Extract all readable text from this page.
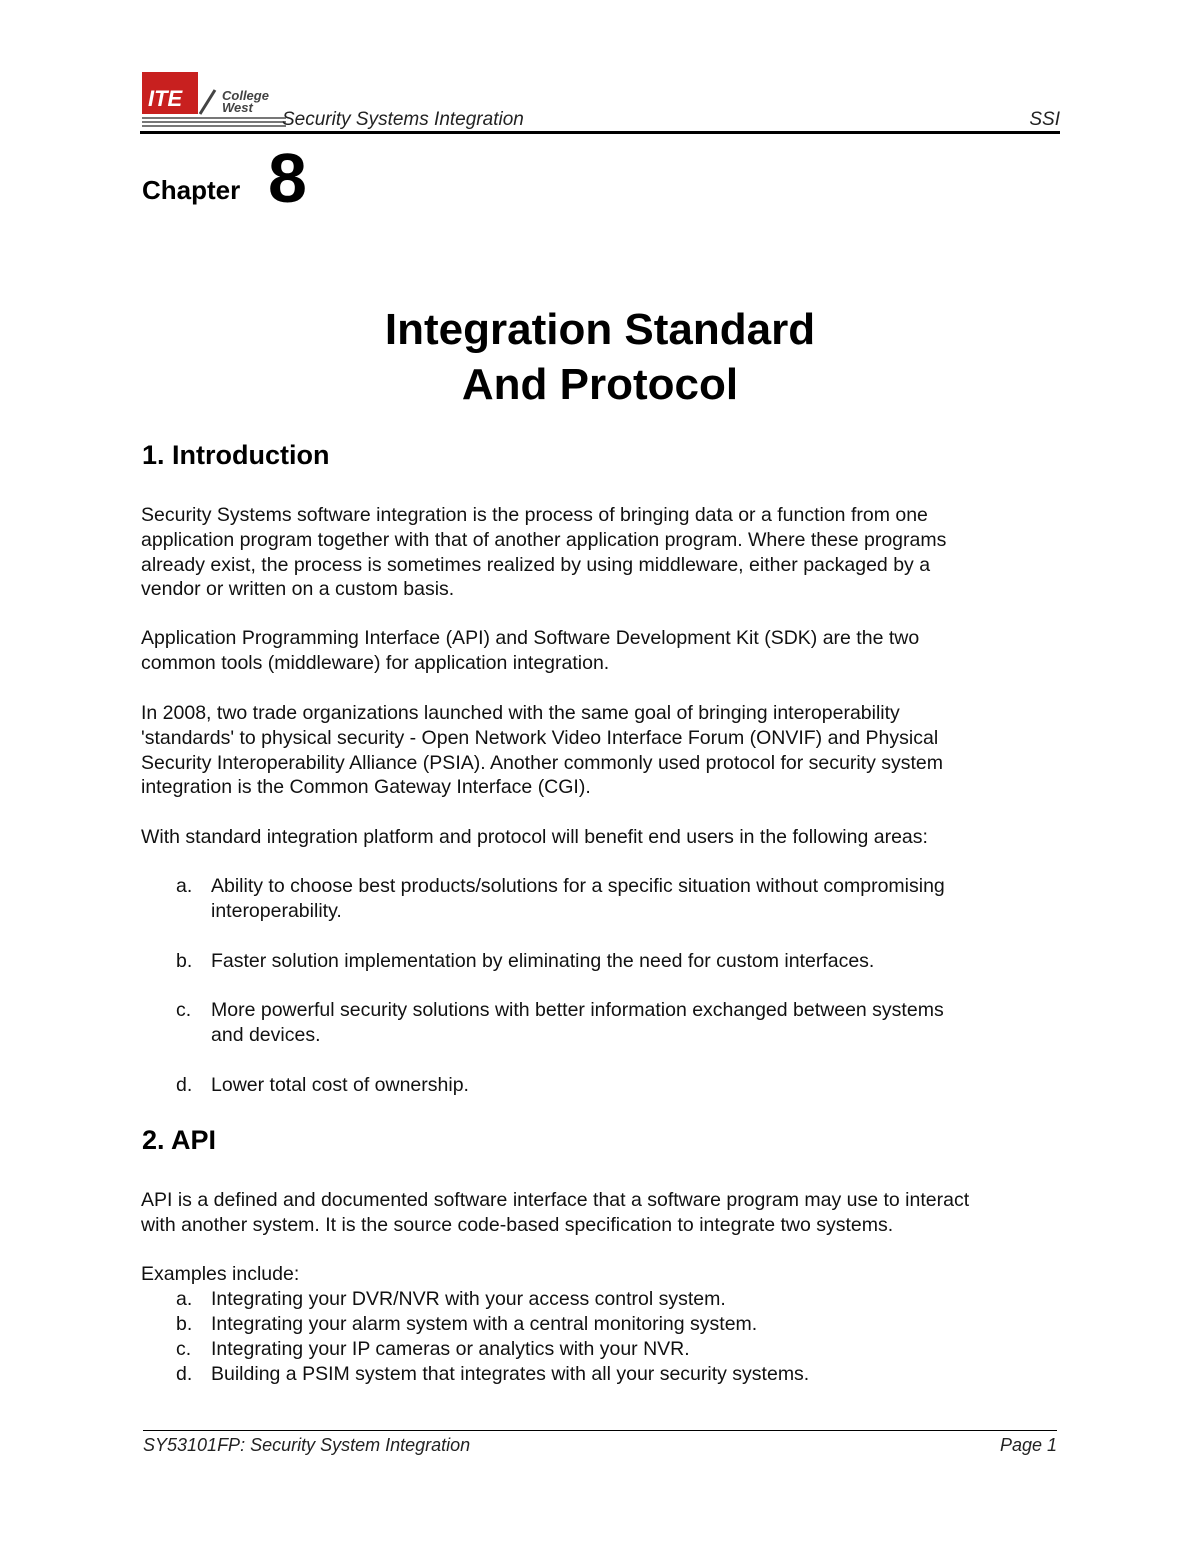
ITE	College
West
Security Systems Integration	SSI
Chapter 8
Integration Standard
And Protocol
1. Introduction
Security Systems software integration is the process of bringing data or a function from one
application program together with that of another application program. Where these programs
already exist, the process is sometimes realized by using middleware, either packaged by a
vendor or written on a custom basis.
Application Programming Interface (API) and Software Development Kit (SDK) are the two
common tools (middleware) for application integration.
In 2008, two trade organizations launched with the same goal of bringing interoperability
'standards' to physical security - Open Network Video Interface Forum (ONVIF) and Physical
Security Interoperability Alliance (PSIA). Another commonly used protocol for security system
integration is the Common Gateway Interface (CGI).
With standard integration platform and protocol will benefit end users in the following areas:
a. Ability to choose best products/solutions for a specific situation without compromising
interoperability.
b. Faster solution implementation by eliminating the need for custom interfaces.
c.	More powerful security solutions with better information exchanged between systems
and devices.
d. Lower total cost of ownership.
2. API
API is a defined and documented software interface that a software program may use to interact
with another system. It is the source code-based specification to integrate two systems.
Examples include:
a. Integrating your DVR/NVR with your access control system.
b. Integrating your alarm system with a central monitoring system.
c.	Integrating your IP cameras or analytics with your NVR.
d. Building a PSIM system that integrates with all your security systems.
SY53101FP: Security System Integration	Page 1
